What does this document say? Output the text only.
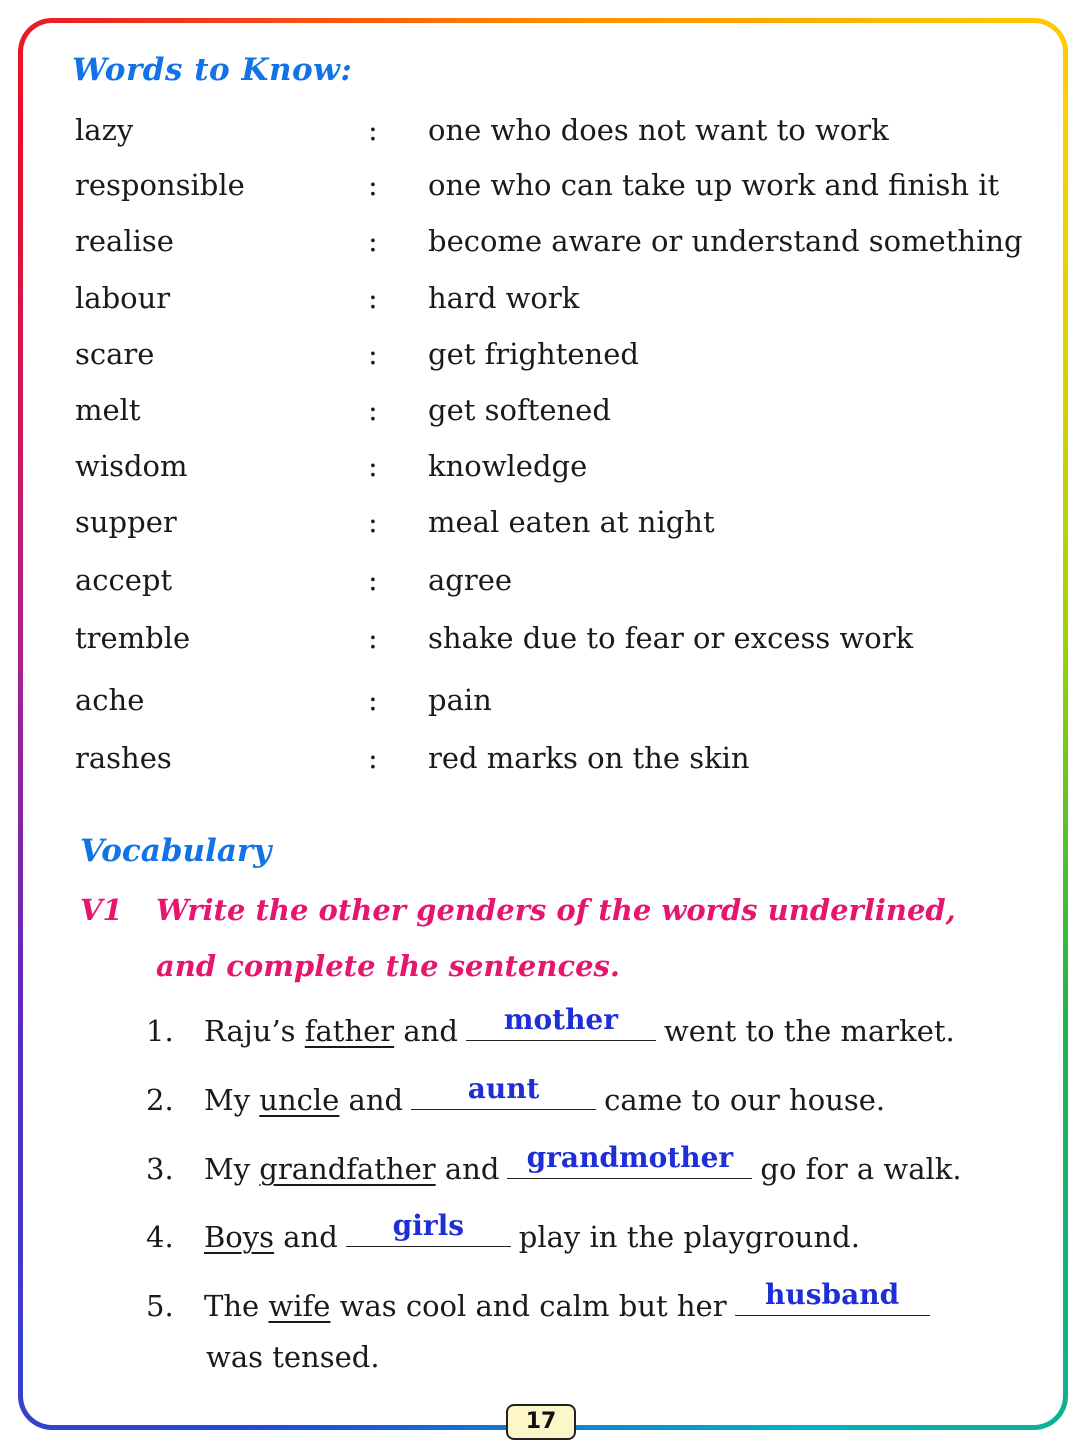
Words to Know:
lazy	: one who does not want to work
responsible	: one who can take up work and finish it
realise	: become aware or understand something
labour	: hard work
scare	: get frightened
melt	: get softened
wisdom	: knowledge
supper	: meal eaten at night
accept	: agree
tremble	: shake due to fear or excess work
ache	: pain
rashes	: red marks on the skin
Vocabulary
V1 Write the other genders of the words underlined,
and complete the sentences.
1. Raju’s father and	mother	went to the market.
2. My uncle and	aunt	came to our house.
3. My grandfather and grandmother go for a walk.
4. Boys and	girls	play in the playground.
5. The wife was cool and calm but her	husband
was tensed.
17
